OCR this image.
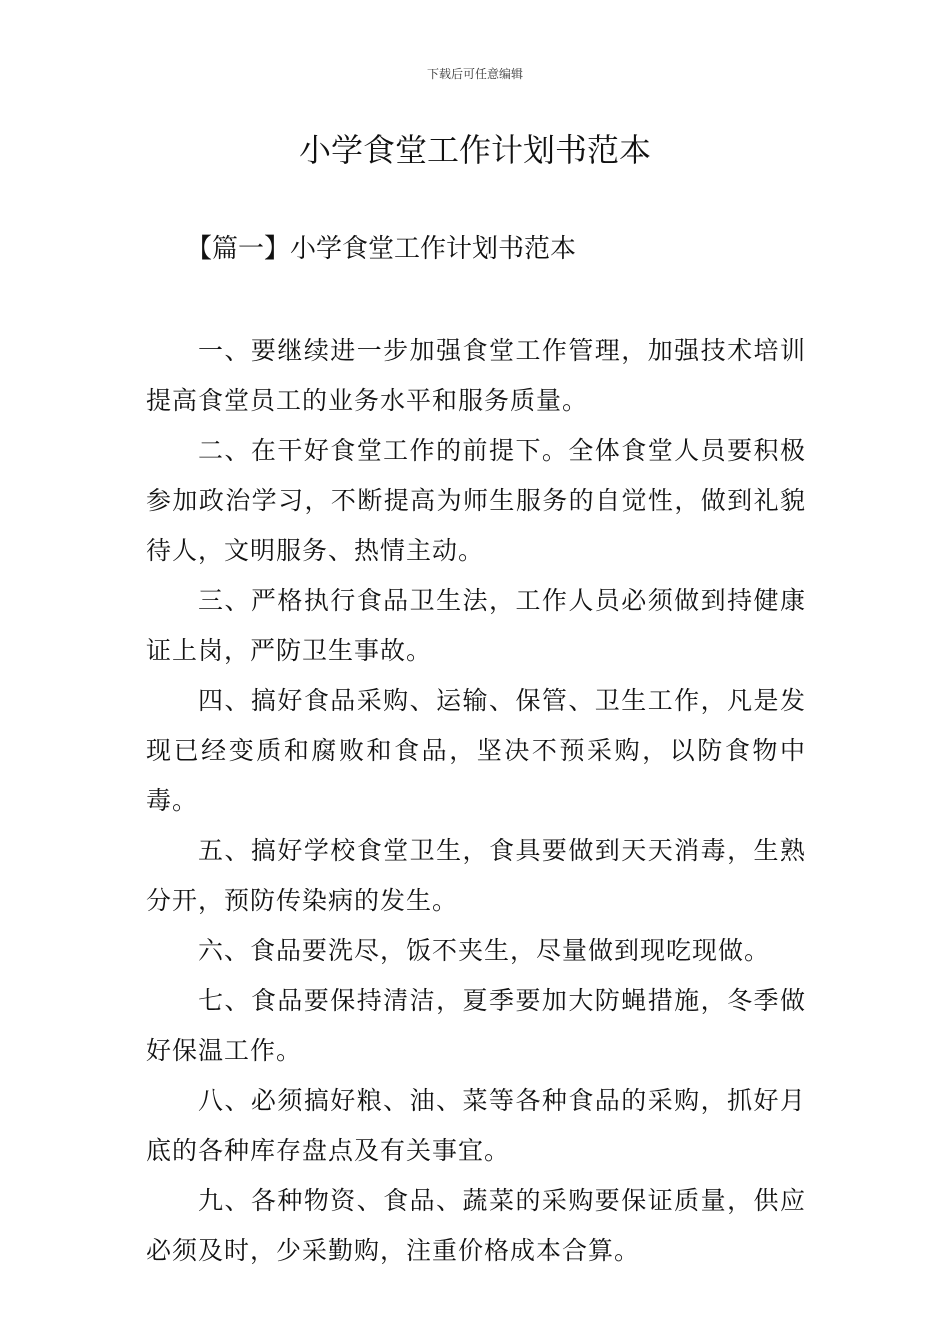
下载后可任意编辑
小学食堂工作计划书范本
【篇一】小学食堂工作计划书范本

一、要继续进一步加强食堂工作管理，加强技术培训提高食堂员工的业务水平和服务质量。

二、在干好食堂工作的前提下。全体食堂人员要积极参加政治学习，不断提高为师生服务的自觉性，做到礼貌待人，文明服务、热情主动。

三、严格执行食品卫生法，工作人员必须做到持健康证上岗，严防卫生事故。

四、搞好食品采购、运输、保管、卫生工作，凡是发现已经变质和腐败和食品，坚决不预采购，以防食物中毒。

五、搞好学校食堂卫生，食具要做到天天消毒，生熟分开，预防传染病的发生。

六、食品要洗尽，饭不夹生，尽量做到现吃现做。

七、食品要保持清洁，夏季要加大防蝇措施，冬季做好保温工作。

八、必须搞好粮、油、菜等各种食品的采购，抓好月底的各种库存盘点及有关事宜。

九、各种物资、食品、蔬菜的采购要保证质量，供应必须及时，少采勤购，注重价格成本合算。
